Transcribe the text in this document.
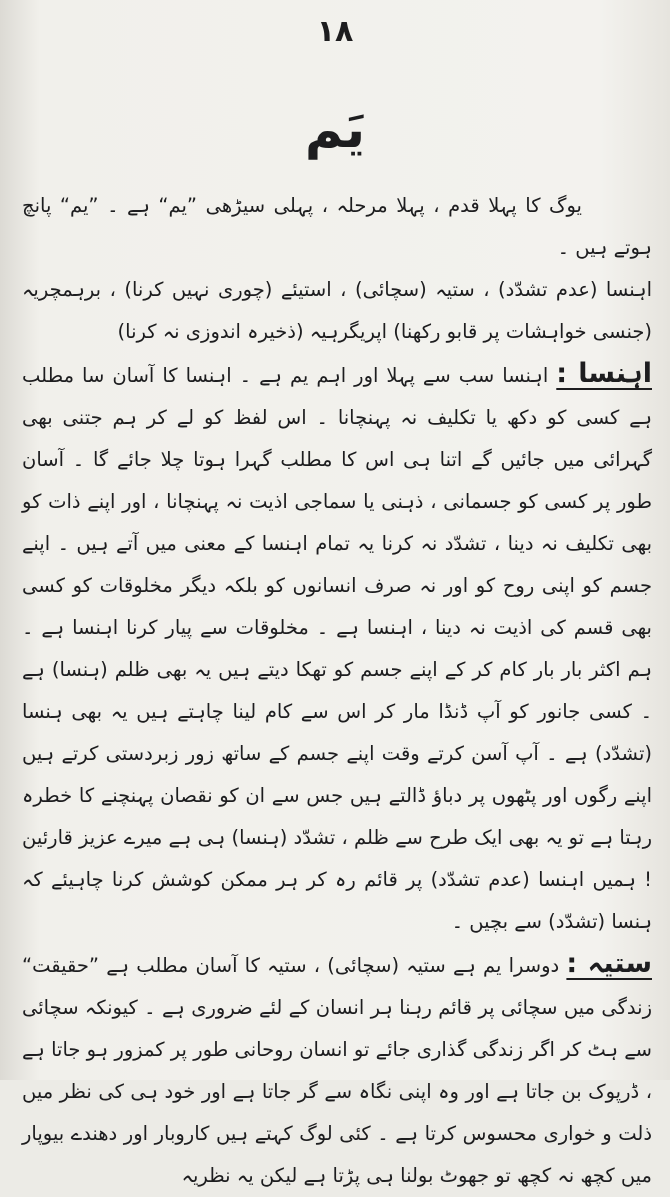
۱۸
یَم

یوگ کا پہلا قدم ، پہلا مرحلہ ، پہلی سیڑھی ”یم“ ہے ۔ ”یم“ پانچ ہوتے ہیں ۔

اہنسا (عدم تشدّد) ، ستیہ (سچائی) ، استیئے (چوری نہیں کرنا) ، برہمچریہ (جنسی خواہشات پر قابو رکھنا) اپریگرہیہ (ذخیرہ اندوزی نہ کرنا)

اہنسا : اہنسا سب سے پہلا اور اہم یم ہے ۔ اہنسا کا آسان سا مطلب ہے کسی کو دکھ یا تکلیف نہ پہنچانا ۔ اس لفظ کو لے کر ہم جتنی بھی گہرائی میں جائیں گے اتنا ہی اس کا مطلب گہرا ہوتا چلا جائے گا ۔ آسان طور پر کسی کو جسمانی ، ذہنی یا سماجی اذیت نہ پہنچانا ، اور اپنے ذات کو بھی تکلیف نہ دینا ، تشدّد نہ کرنا یہ تمام اہنسا کے معنی میں آتے ہیں ۔ اپنے جسم کو اپنی روح کو اور نہ صرف انسانوں کو بلکہ دیگر مخلوقات کو کسی بھی قسم کی اذیت نہ دینا ، اہنسا ہے ۔ مخلوقات سے پیار کرنا اہنسا ہے ۔ ہم اکثر بار بار کام کر کے اپنے جسم کو تھکا دیتے ہیں یہ بھی ظلم (ہنسا) ہے ۔ کسی جانور کو آپ ڈنڈا مار کر اس سے کام لینا چاہتے ہیں یہ بھی ہنسا (تشدّد) ہے ۔ آپ آسن کرتے وقت اپنے جسم کے ساتھ زور زبردستی کرتے ہیں اپنے رگوں اور پٹھوں پر دباؤ ڈالتے ہیں جس سے ان کو نقصان پہنچنے کا خطرہ رہتا ہے تو یہ بھی ایک طرح سے ظلم ، تشدّد (ہنسا) ہی ہے میرے عزیز قارئین ! ہمیں اہنسا (عدم تشدّد) پر قائم رہ کر ہر ممکن کوشش کرنا چاہیئے کہ ہنسا (تشدّد) سے بچیں ۔

ستیہ : دوسرا یم ہے ستیہ (سچائی) ، ستیہ کا آسان مطلب ہے ”حقیقت“ زندگی میں سچائی پر قائم رہنا ہر انسان کے لئے ضروری ہے ۔ کیونکہ سچائی سے ہٹ کر اگر زندگی گذاری جائے تو انسان روحانی طور پر کمزور ہو جاتا ہے ، ڈرپوک بن جاتا ہے اور وہ اپنی نگاہ سے گر جاتا ہے اور خود ہی کی نظر میں ذلت و خواری محسوس کرتا ہے ۔ کئی لوگ کہتے ہیں کاروبار اور دھندے بیوپار میں کچھ نہ کچھ تو جھوٹ بولنا ہی پڑتا ہے لیکن یہ نظریہ
